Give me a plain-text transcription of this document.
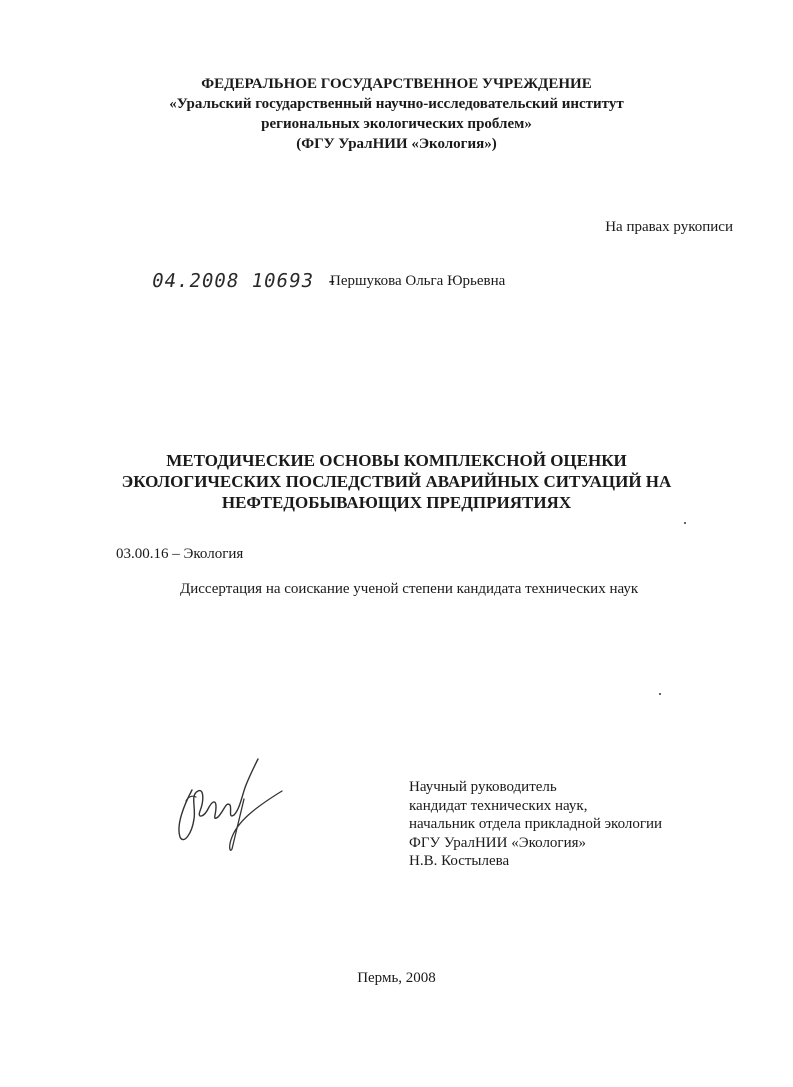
ФЕДЕРАЛЬНОЕ ГОСУДАРСТВЕННОЕ УЧРЕЖДЕНИЕ
«Уральский государственный научно-исследовательский институт
региональных экологических проблем»
(ФГУ УралНИИ «Экология»)
На правах рукописи
04.2008 10693 -
Першукова Ольга Юрьевна
МЕТОДИЧЕСКИЕ ОСНОВЫ КОМПЛЕКСНОЙ ОЦЕНКИ
ЭКОЛОГИЧЕСКИХ ПОСЛЕДСТВИЙ АВАРИЙНЫХ СИТУАЦИЙ НА
НЕФТЕДОБЫВАЮЩИХ ПРЕДПРИЯТИЯХ
03.00.16 – Экология
Диссертация на соискание ученой степени кандидата технических наук
Научный руководитель
кандидат технических наук,
начальник отдела прикладной экологии
ФГУ УралНИИ «Экология»
Н.В. Костылева
Пермь, 2008
